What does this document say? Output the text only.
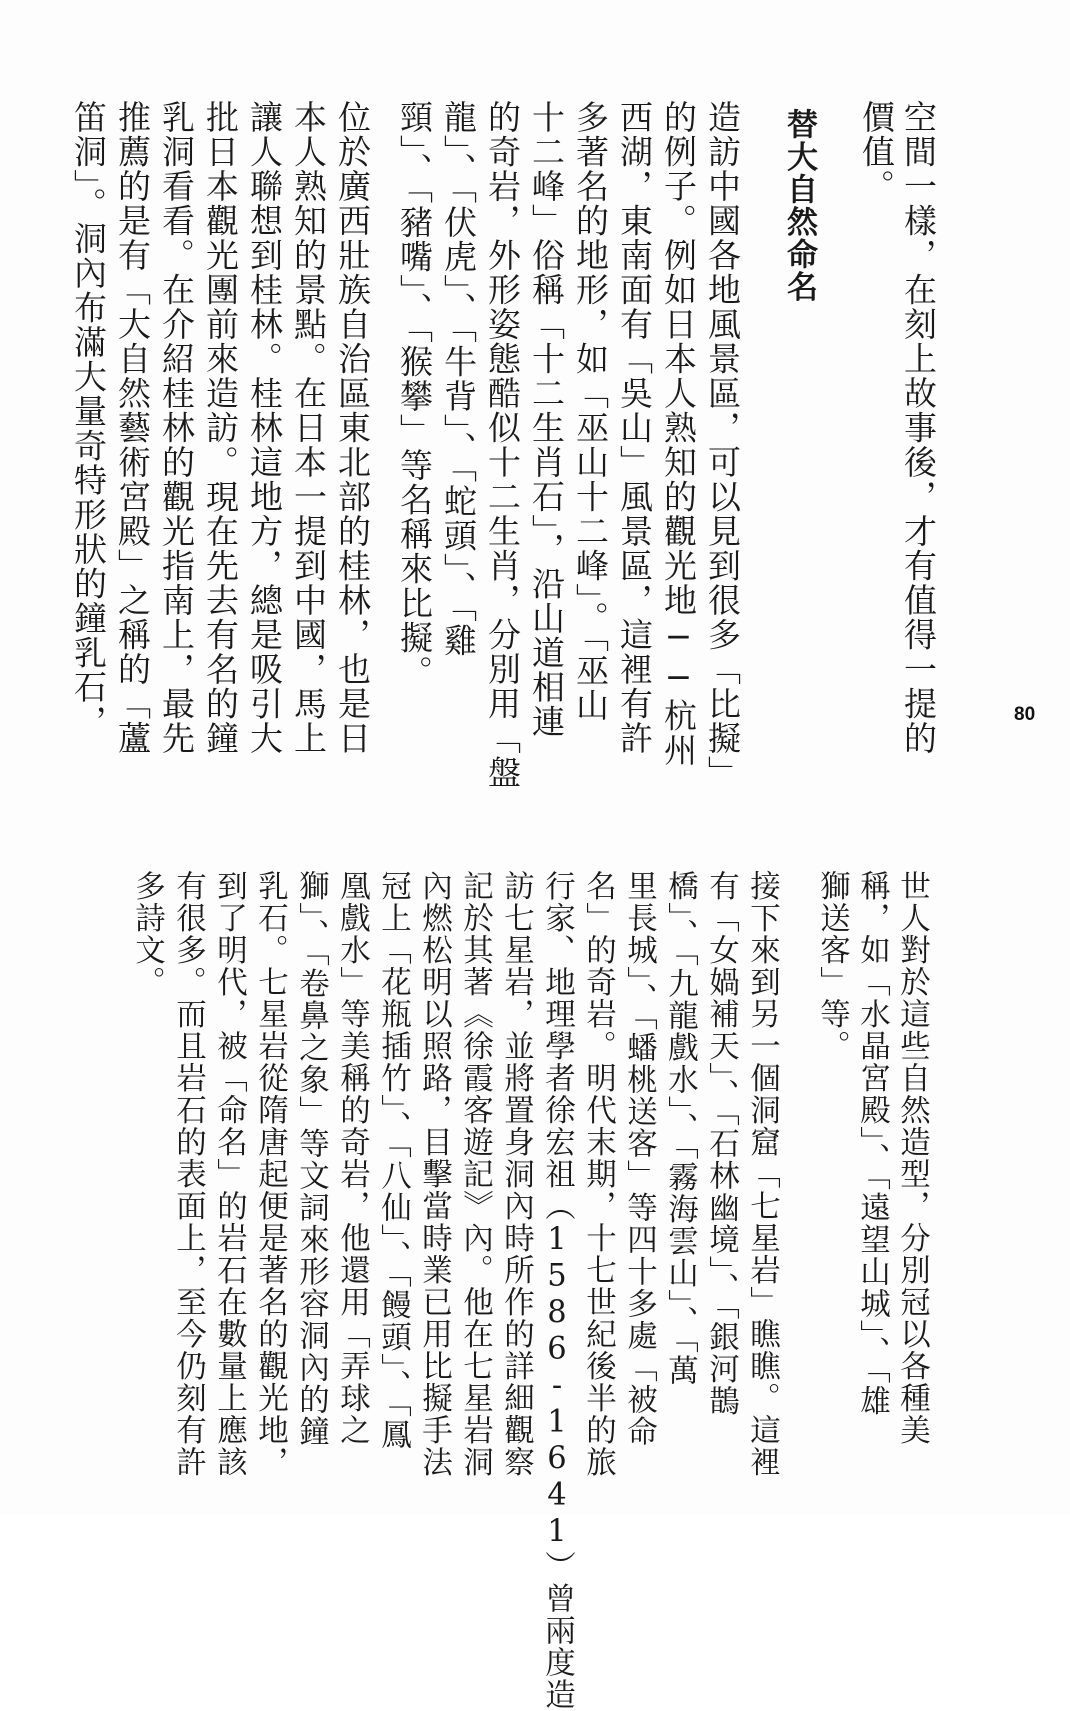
空間一樣，在刻上故事後，才有值得一提的
價值。
替大自然命名
造訪中國各地風景區，可以見到很多「比擬」
的例子。例如日本人熟知的觀光地──杭州
西湖，東南面有「吳山」風景區，這裡有許
多著名的地形，如「巫山十二峰」。「巫山
十二峰」俗稱「十二生肖石」，沿山道相連
的奇岩，外形姿態酷似十二生肖，分別用「盤
龍」、「伏虎」、「牛背」、「蛇頭」、「雞
頸」、「豬嘴」、「猴攀」等名稱來比擬。
位於廣西壯族自治區東北部的桂林，也是日
本人熟知的景點。在日本一提到中國，馬上
讓人聯想到桂林。桂林這地方，總是吸引大
批日本觀光團前來造訪。現在先去有名的鐘
乳洞看看。在介紹桂林的觀光指南上，最先
推薦的是有「大自然藝術宮殿」之稱的「蘆
笛洞」。洞內布滿大量奇特形狀的鐘乳石，	80
世人對於這些自然造型，分別冠以各種美
稱，如「水晶宮殿」、「遠望山城」、「雄
獅送客」等。
接下來到另一個洞窟「七星岩」瞧瞧。這裡
有「女媧補天」、「石林幽境」、「銀河鵲
橋」、「九龍戲水」、「霧海雲山」、「萬
里長城」、「蟠桃送客」等四十多處「被命
名」的奇岩。明代末期，十七世紀後半的旅
行家、地理學者徐宏祖（1586-1641）曾兩度造
訪七星岩，並將置身洞內時所作的詳細觀察
記於其著《徐霞客遊記》內。他在七星岩洞
內燃松明以照路，目擊當時業已用比擬手法
冠上「花瓶插竹」、「八仙」、「饅頭」、「鳳
凰戲水」等美稱的奇岩，他還用「弄球之
獅」、「卷鼻之象」等文詞來形容洞內的鐘
乳石。七星岩從隋唐起便是著名的觀光地，
到了明代，被「命名」的岩石在數量上應該
有很多。而且岩石的表面上，至今仍刻有許
多詩文。
